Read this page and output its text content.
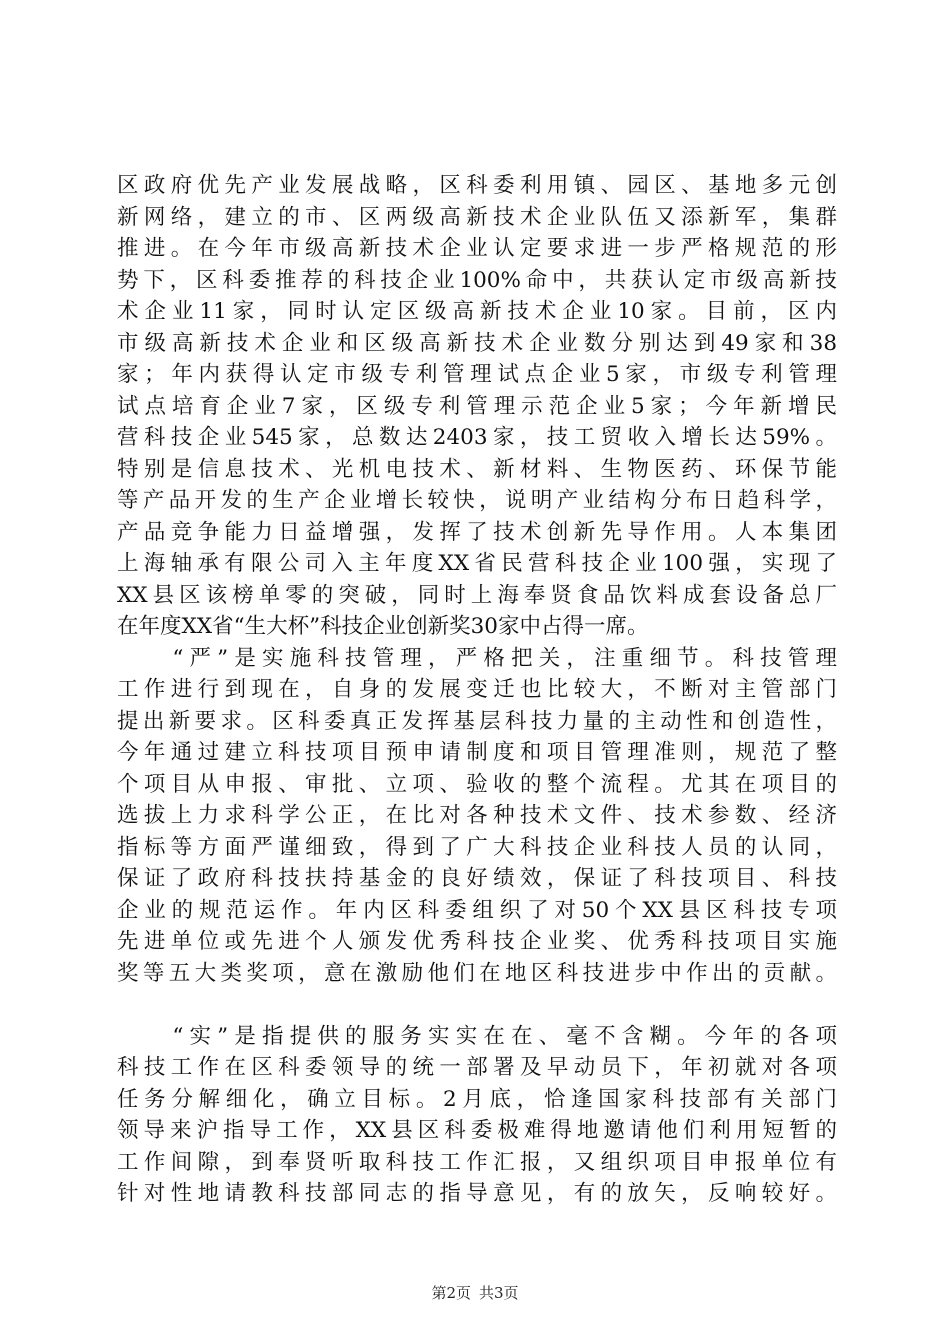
区政府优先产业发展战略，区科委利用镇、园区、基地多元创
新网络，建立的市、区两级高新技术企业队伍又添新军，集群
推进。在今年市级高新技术企业认定要求进一步严格规范的形
势下，区科委推荐的科技企业100%命中，共获认定市级高新技
术企业11家，同时认定区级高新技术企业10家。目前，区内
市级高新技术企业和区级高新技术企业数分别达到49家和38
家；年内获得认定市级专利管理试点企业5家，市级专利管理
试点培育企业7家，区级专利管理示范企业5家；今年新增民
营科技企业545家，总数达2403家，技工贸收入增长达59%。
特别是信息技术、光机电技术、新材料、生物医药、环保节能
等产品开发的生产企业增长较快，说明产业结构分布日趋科学，
产品竞争能力日益增强，发挥了技术创新先导作用。人本集团
上海轴承有限公司入主年度XX省民营科技企业100强，实现了
XX县区该榜单零的突破，同时上海奉贤食品饮料成套设备总厂
在年度XX省“生大杯”科技企业创新奖30家中占得一席。
　　“严”是实施科技管理，严格把关，注重细节。科技管理
工作进行到现在，自身的发展变迁也比较大，不断对主管部门
提出新要求。区科委真正发挥基层科技力量的主动性和创造性，
今年通过建立科技项目预申请制度和项目管理准则，规范了整
个项目从申报、审批、立项、验收的整个流程。尤其在项目的
选拔上力求科学公正，在比对各种技术文件、技术参数、经济
指标等方面严谨细致，得到了广大科技企业科技人员的认同，
保证了政府科技扶持基金的良好绩效，保证了科技项目、科技
企业的规范运作。年内区科委组织了对50个XX县区科技专项
先进单位或先进个人颁发优秀科技企业奖、优秀科技项目实施
奖等五大类奖项，意在激励他们在地区科技进步中作出的贡献。
　　“实”是指提供的服务实实在在、毫不含糊。今年的各项
科技工作在区科委领导的统一部署及早动员下，年初就对各项
任务分解细化，确立目标。2月底，恰逢国家科技部有关部门
领导来沪指导工作，XX县区科委极难得地邀请他们利用短暂的
工作间隙，到奉贤听取科技工作汇报，又组织项目申报单位有
针对性地请教科技部同志的指导意见，有的放矢，反响较好。
第2页 共3页
